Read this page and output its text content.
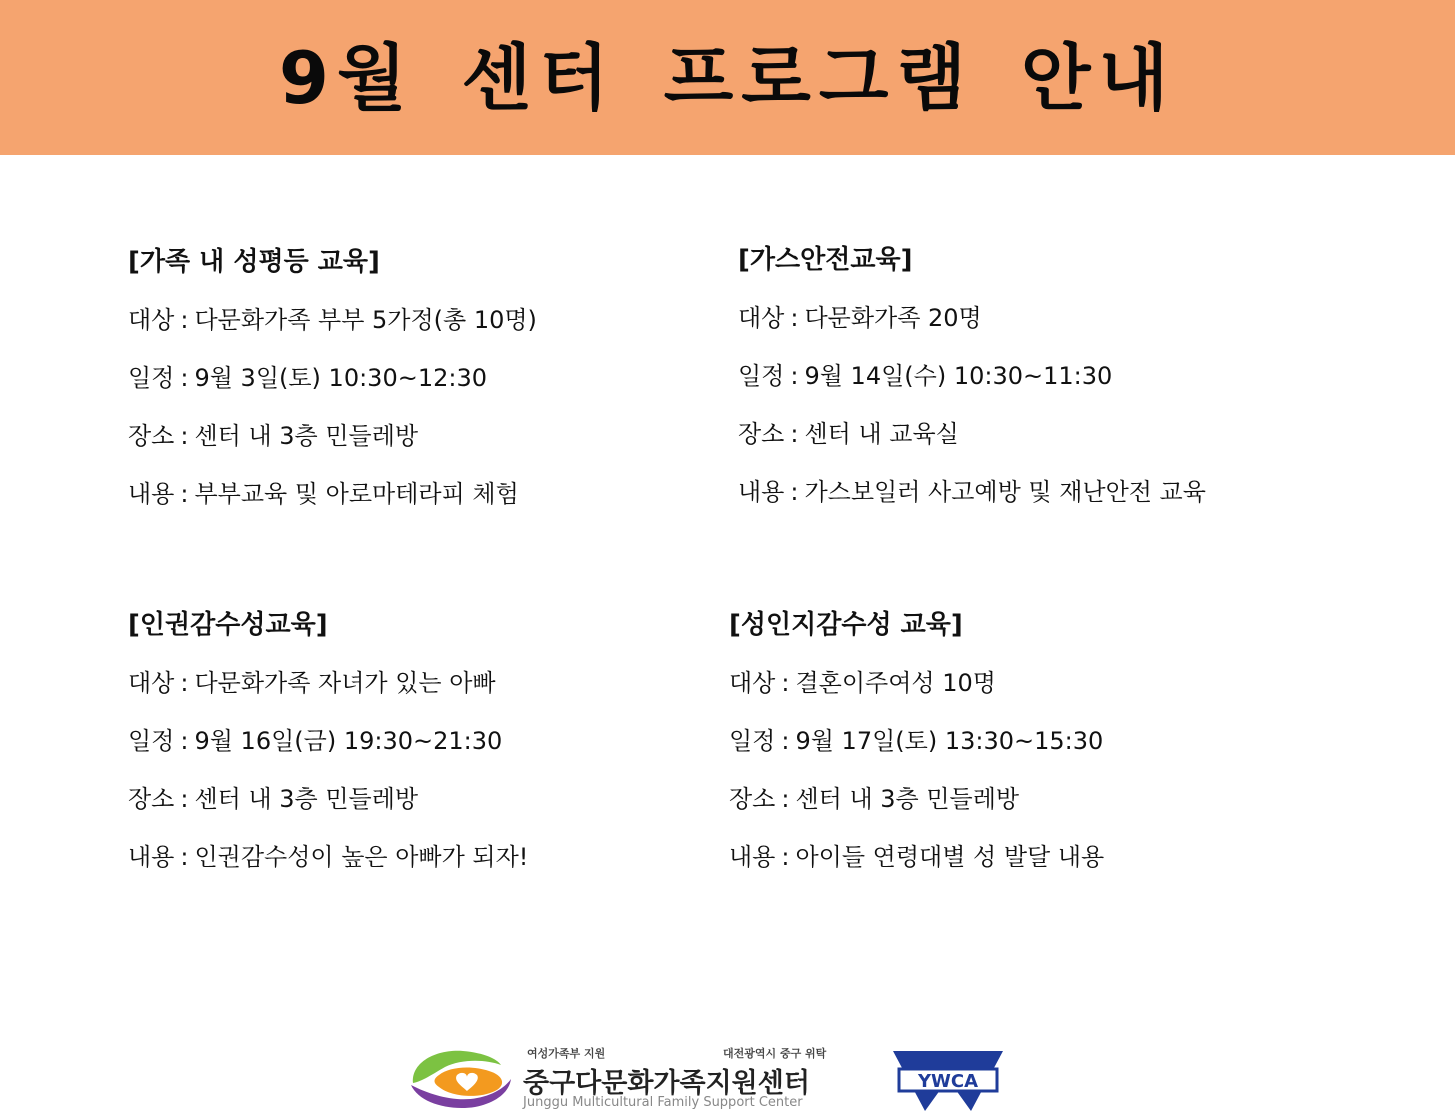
9월 센터 프로그램 안내
[가족 내 성평등 교육]
대상 : 다문화가족 부부 5가정(총 10명)
일정 : 9월 3일(토) 10:30~12:30
장소 : 센터 내 3층 민들레방
내용 : 부부교육 및 아로마테라피 체험
[가스안전교육]
대상 : 다문화가족 20명
일정 : 9월 14일(수) 10:30~11:30
장소 : 센터 내 교육실
내용 : 가스보일러 사고예방 및 재난안전 교육
[인권감수성교육]
대상 : 다문화가족 자녀가 있는 아빠
일정 : 9월 16일(금) 19:30~21:30
장소 : 센터 내 3층 민들레방
내용 : 인권감수성이 높은 아빠가 되자!
[성인지감수성 교육]
대상 : 결혼이주여성 10명
일정 : 9월 17일(토) 13:30~15:30
장소 : 센터 내 3층 민들레방
내용 : 아이들 연령대별 성 발달 내용
여성가족부 지원	대전광역시 중구 위탁
중구다문화가족지원센터
Junggu Multicultural Family Support Center
YWCA
